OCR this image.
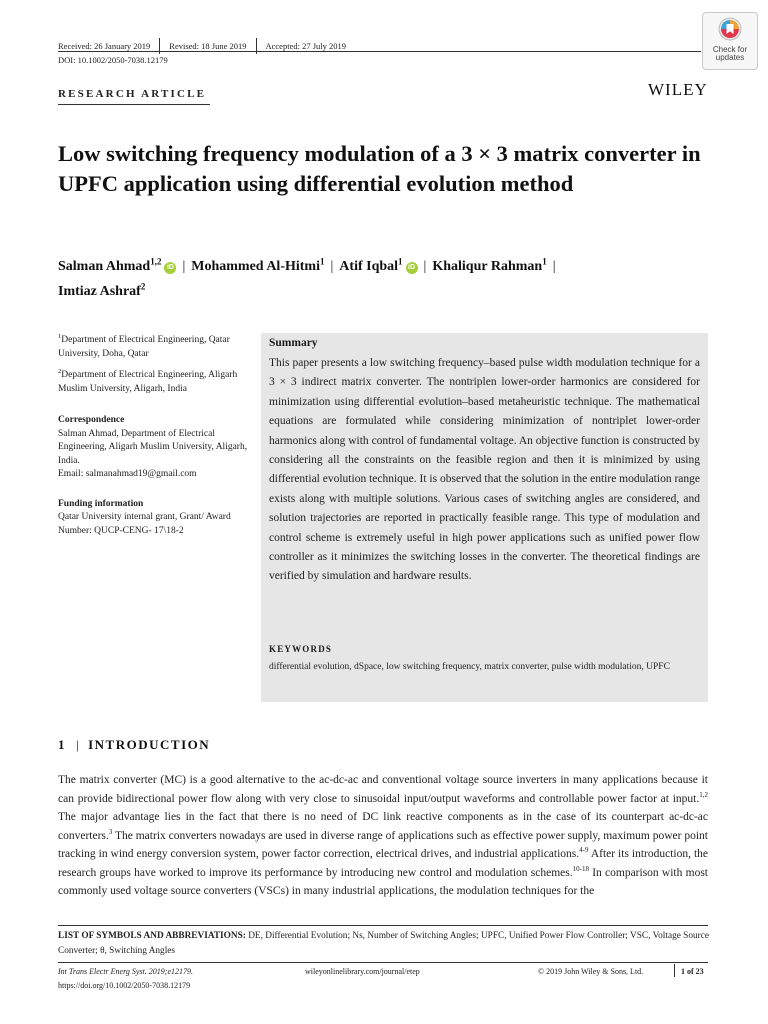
Received: 26 January 2019 Revised: 18 June 2019 Accepted: 27 July 2019
DOI: 10.1002/2050-7038.12179
Check for
updates
RESEARCH ARTICLE	WILEY
Low switching frequency modulation of a 3 × 3 matrix converter in UPFC application using differential evolution method
Salman Ahmad$^{1,2}$iD | Mohammed Al-Hitmi$^1$ | Atif Iqbal$^1$iD | Khaliqur Rahman$^1$ |
Imtiaz Ashraf$^2$
$^1$Department of Electrical Engineering, Qatar University, Doha, Qatar
$^2$Department of Electrical Engineering, Aligarh Muslim University, Aligarh, India
Correspondence
Salman Ahmad, Department of Electrical Engineering, Aligarh Muslim University, Aligarh, India.
Email: salmanahmad19@gmail.com
Funding information
Qatar University internal grant, Grant/ Award Number: QUCP-CENG- 17\18-2
Summary
This paper presents a low switching frequency–based pulse width modulation technique for a 3 × 3 indirect matrix converter. The nontriplen lower-order harmonics are considered for minimization using differential evolution–based metaheuristic technique. The mathematical equations are formulated while considering minimization of nontriplet lower-order harmonics along with control of fundamental voltage. An objective function is constructed by considering all the constraints on the feasible region and then it is minimized by using differential evolution technique. It is observed that the solution in the entire modulation range exists along with multiple solutions. Various cases of switching angles are considered, and solution trajectories are reported in practically feasible range. This type of modulation and control scheme is extremely useful in high power applications such as unified power flow controller as it minimizes the switching losses in the converter. The theoretical findings are verified by simulation and hardware results.
KEYWORDS
differential evolution, dSpace, low switching frequency, matrix converter, pulse width modulation, UPFC
1 | INTRODUCTION
The matrix converter (MC) is a good alternative to the ac-dc-ac and conventional voltage source inverters in many applications because it can provide bidirectional power flow along with very close to sinusoidal input/output waveforms and controllable power factor at input.$^{1,2}$ The major advantage lies in the fact that there is no need of DC link reactive components as in the case of its counterpart ac-dc-ac converters.$^3$ The matrix converters nowadays are used in diverse range of applications such as effective power supply, maximum power point tracking in wind energy conversion system, power factor correction, electrical drives, and industrial applications.$^{4-9}$ After its introduction, the research groups have worked to improve its performance by introducing new control and modulation schemes.$^{10-18}$ In comparison with most commonly used voltage source converters (VSCs) in many industrial applications, the modulation techniques for the
LIST OF SYMBOLS AND ABBREVIATIONS: DE, Differential Evolution; Ns, Number of Switching Angles; UPFC, Unified Power Flow Controller; VSC, Voltage Source Converter; θ, Switching Angles
Int Trans Electr Energ Syst. 2019;e12179.	wileyonlinelibrary.com/journal/etep	© 2019 John Wiley & Sons, Ltd.	1 of 23
https://doi.org/10.1002/2050-7038.12179
